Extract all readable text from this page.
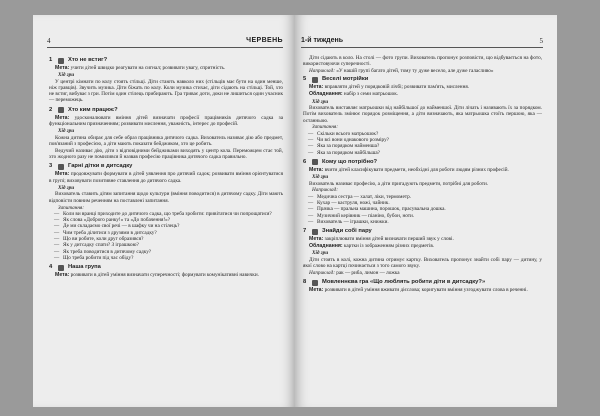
4	ЧЕРВЕНЬ
1	Хто не встиг?
Мета: учити дітей швидко реагувати на сигнал; розвивати увагу, спритність.
Хід гри
У центрі кімнати по колу стоять стільці. Діти стають навколо них (стільців має бути на один менше, ніж гравців). Звучить музика. Діти біжать по колу. Коли музика стихає, діти сідають на стільці. Той, хто не встиг, вибуває з гри. Потім один стілець прибирають. Гра триває доти, доки не лишиться один учасник — переможець.
2	Хто ким працює?
Мета: удосконалювати вміння дітей визначати професії працівників дитячого садка за функціональним призначенням; розвивати мислення, уважність, інтерес до професій.
Хід гри
Кожна дитина обирає для себе образ працівника дитячого садка. Вихователь називає дію або предмет, пов'язаний з професією, а діти мають показати бейджиком, хто це робить.
Ведучий називає дію, діти з відповідними бейджиками виходять у центр кола. Переможцем стає той, хто жодного разу не помилився й назвав професію працівника дитячого садка правильно.
3	Гарні дітки в дитсадку
Мета: продовжувати формувати в дітей уявлення про дитячий садок; розвивати вміння орієнтуватися в групі; виховувати позитивне ставлення до дитячого садка.
Хід гри
Вихователь ставить дітям запитання щодо культури (вміння поводитися) в дитячому садку. Діти мають відповісти повним реченням на поставлені запитання.
Запитання:
— Коли ви вранці приходите до дитячого садка, що треба зробити: привітатися чи попрощатися?
— Як слова «Доброго ранку!» та «До побачення!»?
— Де ми складаємо свої речі — в шафку чи на стілець?
— Чим треба ділитися з друзями в дитсадку?
— Що ви робите, коли друг образився?
— Як у дитсадку спати? З іграшкою?
— Як треба поводитися в дитячому садку?
— Що треба робити під час обіду?
4	Наша група
Мета: розвивати в дітей уміння визначати суперечності; формувати комунікативні навички.
1-й тиждень	5
Діти сідають в коло. На столі — фото групи. Вихователь пропонує розповісти, що відбувається на фото, використовуючи суперечності.
Наприклад: «У нашій групі багато дітей, тому ту дуже весело, але дуже галасливо»
5	Веселі мотрійки
Мета: вправляти дітей у порядковій лічбі; розвивати пам'ять, мислення.
Обладнання: набір з семи матрьошок.
Хід гри
Вихователь виставляє матрьошки від найбільшої до найменшої. Діти лічать і називають їх за порядком. Потім вихователь змінює порядок розміщення, а діти визначають, яка матрьошка стоїть першою, яка — останньою.
Запитання:
— Скільки всього матрьошок?
— Чи всі вони однакового розміру?
— Яка за порядком найменша?
— Яка за порядком найбільша?
6	Кому що потрібно?
Мета: вчити дітей класифікувати предмети, необхідні для роботи людям різних професій.
Хід гри
Вихователь називає професію, а діти пригадують предмети, потрібні для роботи.
Наприклад:
— Медична сестра — халат, ліки, термометр.
— Кухар — каструля, ножі, чайник.
— Прачка — пральна машина, порошок, прасувальна дошка.
— Музичний керівник — піаніно, бубон, ноти.
— Вихователь — іграшки, книжки.
7	Знайди собі пару
Мета: закріплювати вміння дітей визначати перший звук у слові.
Обладнання: картки із зображенням різних предметів.
Хід гри
Діти стоять в колі, кожна дитина отримує картку. Вихователь пропонує знайти собі пару — дитину, у якої слово на картці починається з того самого звуку.
Наприклад: рак — риба, лимон — ложка
8	Мовленнєва гра «Що люблять робити діти в дитсадку?»
Мета: розвивати в дітей уміння вживати дієслова; коригувати вміння узгоджувати слова в реченні.
